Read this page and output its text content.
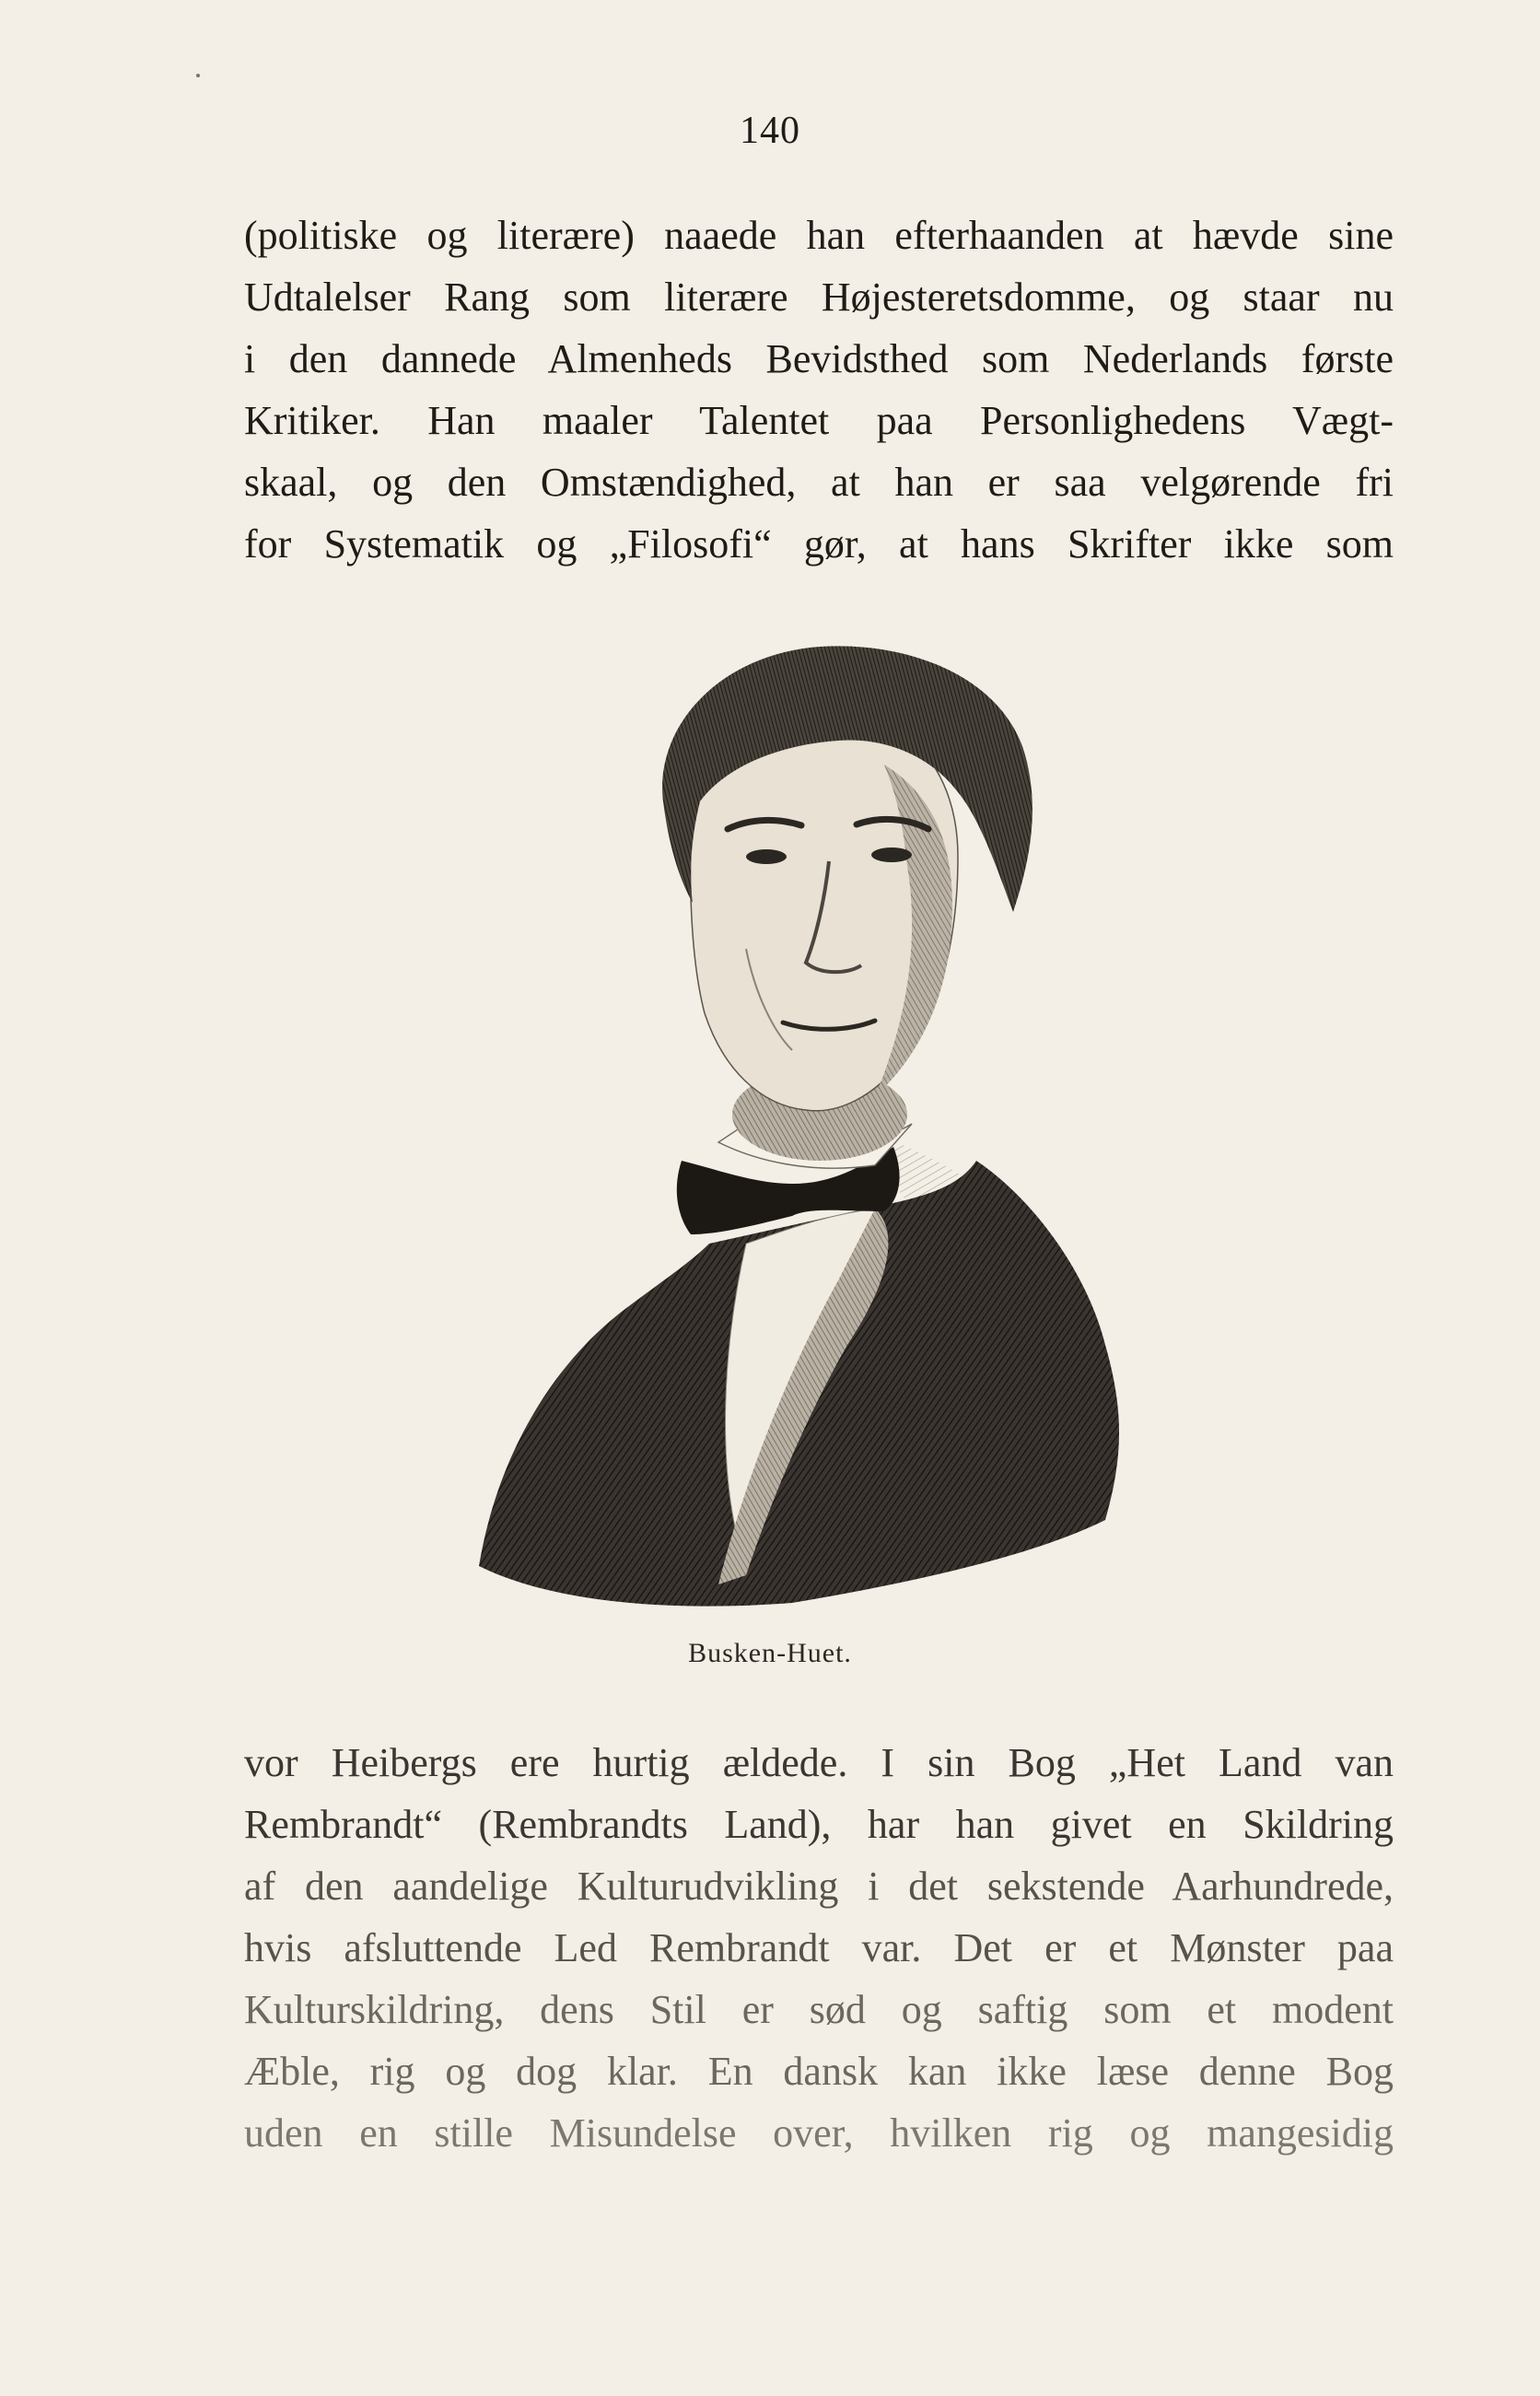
140
(politiske og literære) naaede han efterhaanden at hævde sine
Udtalelser Rang som literære Højesteretsdomme, og staar nu
i den dannede Almenheds Bevidsthed som Nederlands første
Kritiker. Han maaler Talentet paa Personlighedens Vægt-
skaal, og den Omstændighed, at han er saa velgørende fri
for Systematik og „Filosofi“ gør, at hans Skrifter ikke som
Busken-Huet.
vor Heibergs ere hurtig ældede. I sin Bog „Het Land van
Rembrandt“ (Rembrandts Land), har han givet en Skildring
af den aandelige Kulturudvikling i det sekstende Aarhundrede,
hvis afsluttende Led Rembrandt var. Det er et Mønster paa
Kulturskildring, dens Stil er sød og saftig som et modent
Æble, rig og dog klar. En dansk kan ikke læse denne Bog
uden en stille Misundelse over, hvilken rig og mangesidig
